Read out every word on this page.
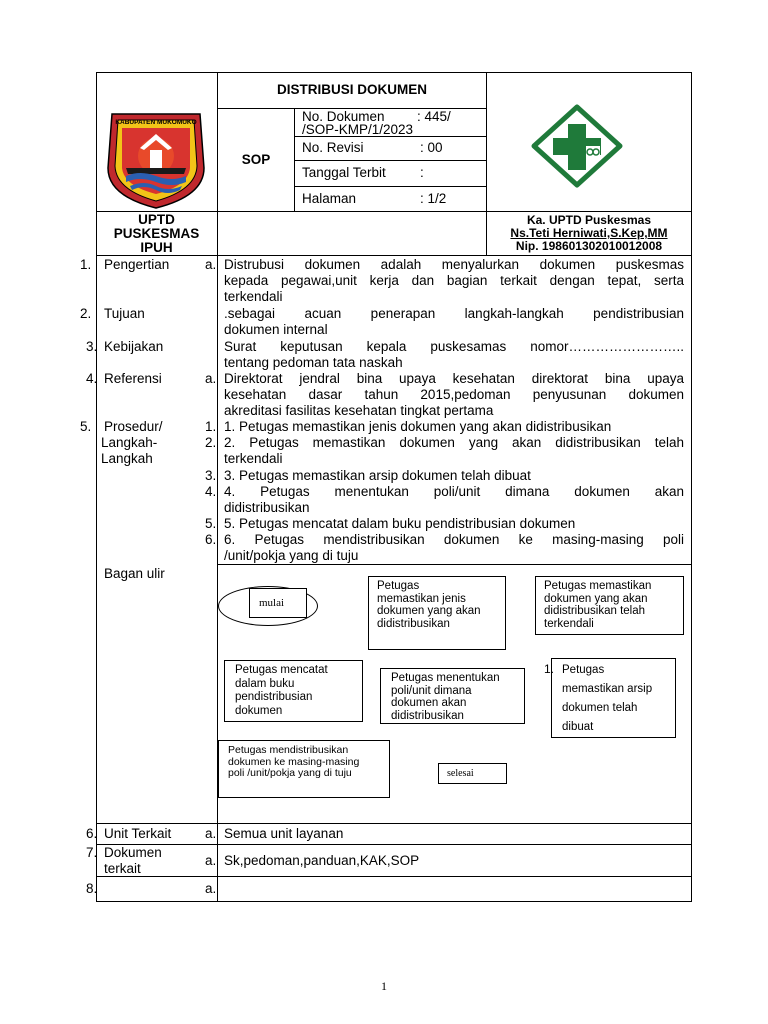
DISTRIBUSI DOKUMEN
SOP
No. Dokumen : 445/
/SOP-KMP/1/2023
No. Revisi	: 00
Tanggal Terbit	:
Halaman	: 1/2
KABUPATEN MUKOMUKO
UPTD
PUSKESMAS
IPUH
Ka. UPTD Puskesmas
Ns.Teti Herniwati,S.Kep,MM
Nip. 198601302010012008
1. Pengertian	a. Distrubusi dokumen adalah menyalurkan dokumen puskesmas
kepada pegawai,unit kerja dan bagian terkait dengan tepat, serta
terkendali
2. Tujuan	.sebagai acuan penerapan langkah-langkah pendistribusian
dokumen internal
3. Kebijakan	Surat keputusan kepala puskesamas nomor……………………..
tentang pedoman tata naskah
4. Referensi	a. Direktorat jendral bina upaya kesehatan direktorat bina upaya
kesehatan dasar tahun 2015,pedoman penyusunan dokumen
akreditasi fasilitas kesehatan tingkat pertama
5. Prosedur/
Langkah-
Langkah
1.
2.
3.
4.
5.
6.
1. Petugas memastikan jenis dokumen yang akan didistribusikan
2. Petugas memastikan dokumen yang akan didistribusikan telah
terkendali
3. Petugas memastikan arsip dokumen telah dibuat
4. Petugas menentukan poli/unit dimana dokumen akan
didistribusikan
5. Petugas mencatat dalam buku pendistribusian dokumen
6. Petugas mendistribusikan dokumen ke masing-masing poli
/unit/pokja yang di tuju
Bagan ulir
mulai
Petugas
memastikan jenis
dokumen yang akan
didistribusikan
Petugas memastikan
dokumen yang akan
didistribusikan telah
terkendali
1. Petugas
memastikan arsip
dokumen telah
dibuat
Petugas menentukan
poli/unit dimana
dokumen akan
didistribusikan
Petugas mencatat
dalam buku
pendistribusian
dokumen
Petugas mendistribusikan
dokumen ke masing-masing
poli /unit/pokja yang di tuju	selesai
6. Unit Terkait a. Semua unit layanan
7. Dokumen
terkait
a. Sk,pedoman,panduan,KAK,SOP
8.	a.
1
